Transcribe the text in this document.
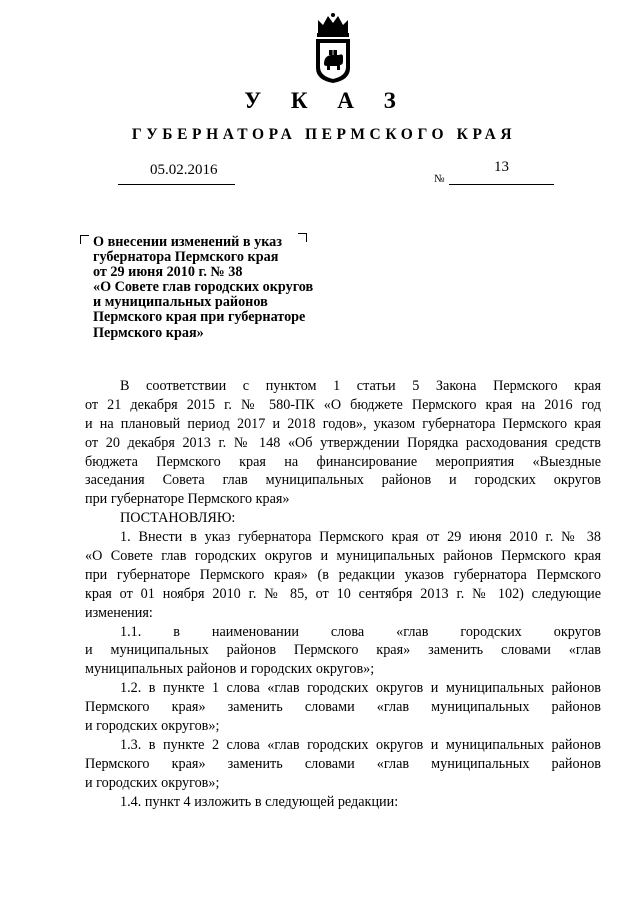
У К А З
ГУБЕРНАТОРА ПЕРМСКОГО КРАЯ
05.02.2016
№
13
О внесении изменений в указ
губернатора Пермского края
от 29 июня 2010 г. № 38
«О Совете глав городских округов
и муниципальных районов
Пермского края при губернаторе
Пермского края»
В соответствии с пунктом 1 статьи 5 Закона Пермского края
от 21 декабря 2015 г. № 580-ПК «О бюджете Пермского края на 2016 год
и на плановый период 2017 и 2018 годов», указом губернатора Пермского края
от 20 декабря 2013 г. № 148 «Об утверждении Порядка расходования средств
бюджета Пермского края на финансирование мероприятия «Выездные
заседания Совета глав муниципальных районов и городских округов
при губернаторе Пермского края»
ПОСТАНОВЛЯЮ:
1. Внести в указ губернатора Пермского края от 29 июня 2010 г. № 38
«О Совете глав городских округов и муниципальных районов Пермского края
при губернаторе Пермского края» (в редакции указов губернатора Пермского
края от 01 ноября 2010 г. № 85, от 10 сентября 2013 г. № 102) следующие
изменения:
1.1. в наименовании слова «глав городских округов
и муниципальных районов Пермского края» заменить словами «глав
муниципальных районов и городских округов»;
1.2. в пункте 1 слова «глав городских округов и муниципальных районов
Пермского края» заменить словами «глав муниципальных районов
и городских округов»;
1.3. в пункте 2 слова «глав городских округов и муниципальных районов
Пермского края» заменить словами «глав муниципальных районов
и городских округов»;
1.4. пункт 4 изложить в следующей редакции:
